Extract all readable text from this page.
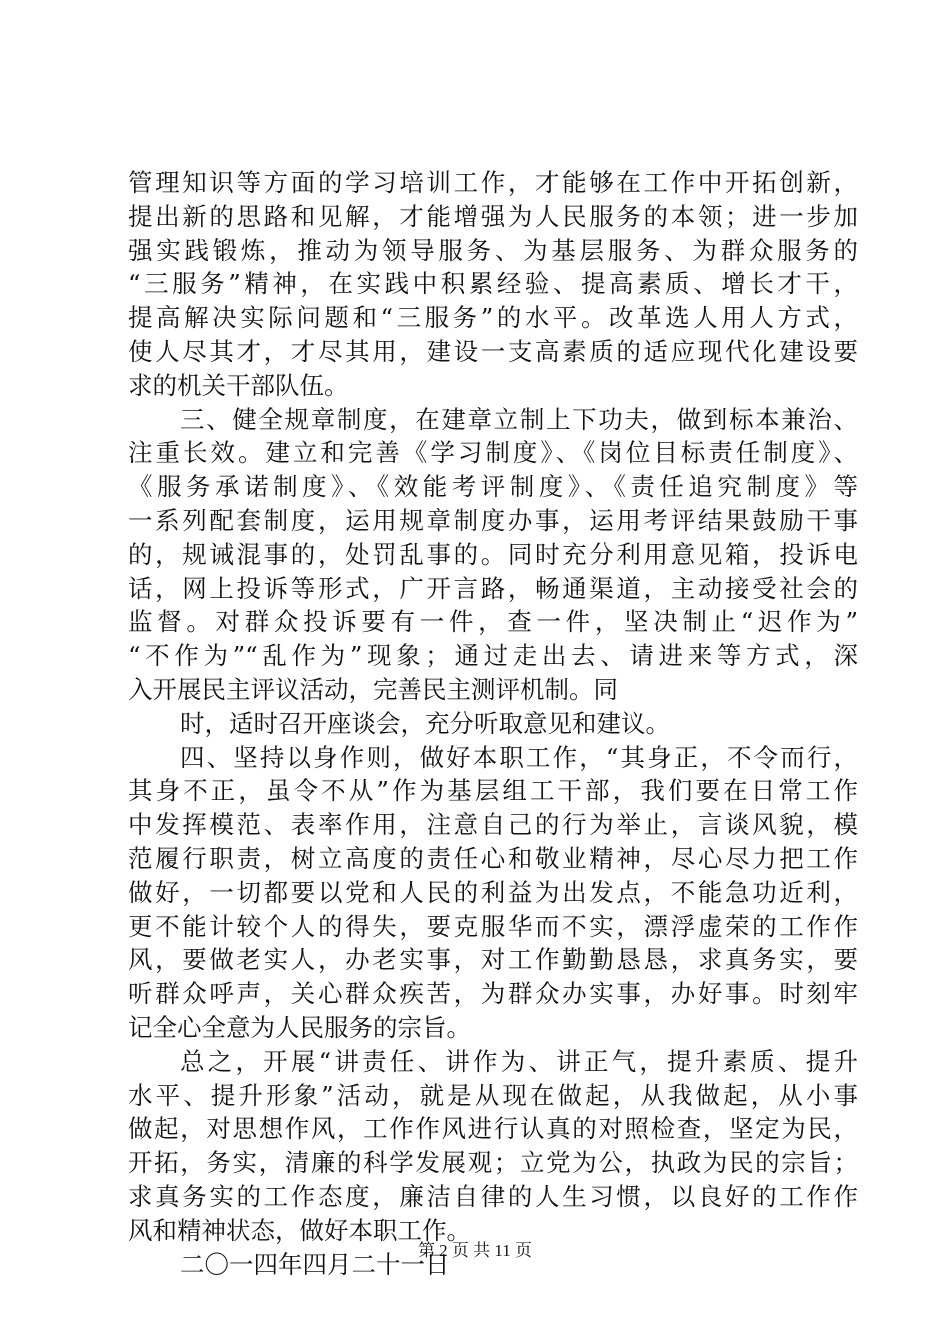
管理知识等方面的学习培训工作，才能够在工作中开拓创新，
提出新的思路和见解，才能增强为人民服务的本领；进一步加
强实践锻炼，推动为领导服务、为基层服务、为群众服务的
“三服务”精神，在实践中积累经验、提高素质、增长才干，
提高解决实际问题和“三服务”的水平。改革选人用人方式，
使人尽其才，才尽其用，建设一支高素质的适应现代化建设要
求的机关干部队伍。
三、健全规章制度，在建章立制上下功夫，做到标本兼治、
注重长效。建立和完善《学习制度》、《岗位目标责任制度》、
《服务承诺制度》、《效能考评制度》、《责任追究制度》等
一系列配套制度，运用规章制度办事，运用考评结果鼓励干事
的，规诫混事的，处罚乱事的。同时充分利用意见箱，投诉电
话，网上投诉等形式，广开言路，畅通渠道，主动接受社会的
监督。对群众投诉要有一件，查一件，坚决制止“迟作为”
“不作为”“乱作为”现象；通过走出去、请进来等方式，深
入开展民主评议活动，完善民主测评机制。同
时，适时召开座谈会，充分听取意见和建议。
四、坚持以身作则，做好本职工作，“其身正，不令而行，
其身不正，虽令不从”作为基层组工干部，我们要在日常工作
中发挥模范、表率作用，注意自己的行为举止，言谈风貌，模
范履行职责，树立高度的责任心和敬业精神，尽心尽力把工作
做好，一切都要以党和人民的利益为出发点，不能急功近利，
更不能计较个人的得失，要克服华而不实，漂浮虚荣的工作作
风，要做老实人，办老实事，对工作勤勤恳恳，求真务实，要
听群众呼声，关心群众疾苦，为群众办实事，办好事。时刻牢
记全心全意为人民服务的宗旨。
总之，开展“讲责任、讲作为、讲正气，提升素质、提升
水平、提升形象”活动，就是从现在做起，从我做起，从小事
做起，对思想作风，工作作风进行认真的对照检查，坚定为民，
开拓，务实，清廉的科学发展观；立党为公，执政为民的宗旨；
求真务实的工作态度，廉洁自律的人生习惯，以良好的工作作
风和精神状态，做好本职工作。
二〇一四年四月二十一日
第 2 页 共 11 页
